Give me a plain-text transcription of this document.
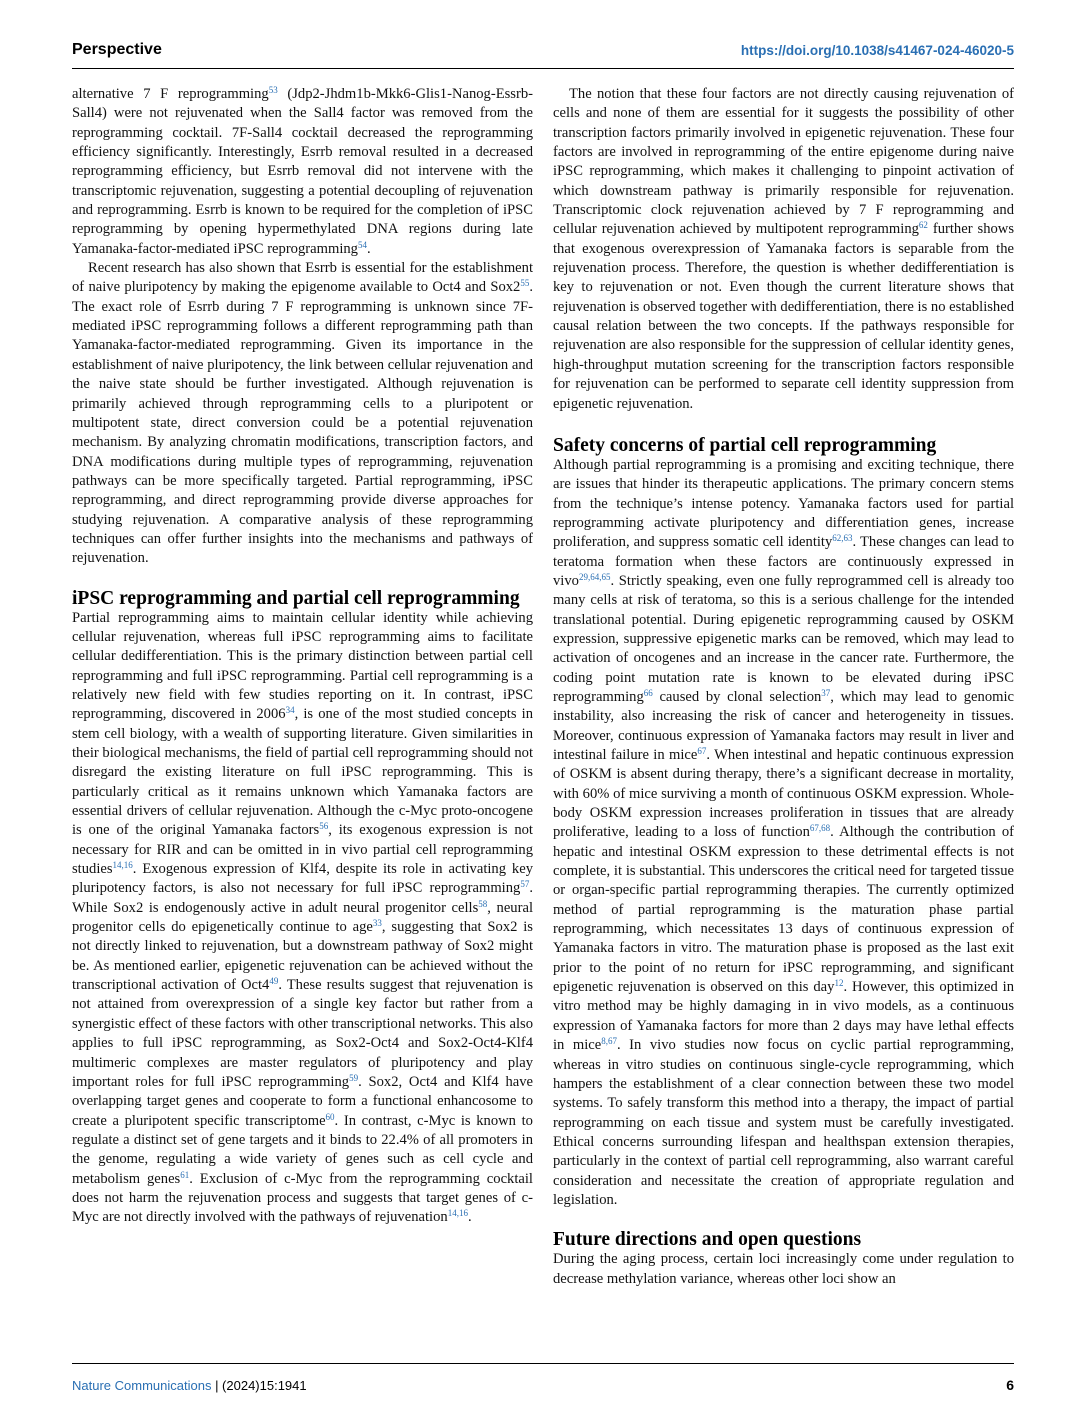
Perspective	https://doi.org/10.1038/s41467-024-46020-5

alternative 7 F reprogramming$^{53}$ (Jdp2-Jhdm1b-Mkk6-Glis1-Nanog-Essrb-Sall4) were not rejuvenated when the Sall4 factor was removed from the reprogramming cocktail. 7F-Sall4 cocktail decreased the reprogramming efficiency significantly. Interestingly, Esrrb removal resulted in a decreased reprogramming efficiency, but Esrrb removal did not intervene with the transcriptomic rejuvenation, suggesting a potential decoupling of rejuvenation and reprogramming. Esrrb is known to be required for the completion of iPSC reprogramming by opening hypermethylated DNA regions during late Yamanaka-factor-mediated iPSC reprogramming$^{54}$.

Recent research has also shown that Esrrb is essential for the establishment of naive pluripotency by making the epigenome available to Oct4 and $Sox2^{55}$. The exact role of Esrrb during 7 F reprogramming is unknown since 7F-mediated iPSC reprogramming follows a different reprogramming path than Yamanaka-factor-mediated reprogramming. Given its importance in the establishment of naive pluripotency, the link between cellular rejuvenation and the naive state should be further investigated. Although rejuvenation is primarily achieved through reprogramming cells to a pluripotent or multipotent state, direct conversion could be a potential rejuvenation mechanism. By analyzing chromatin modifications, transcription factors, and DNA modifications during multiple types of reprogramming, rejuvenation pathways can be more specifically targeted. Partial reprogramming, iPSC reprogramming, and direct reprogramming provide diverse approaches for studying rejuvenation. A comparative analysis of these reprogramming techniques can offer further insights into the mechanisms and pathways of rejuvenation.

iPSC reprogramming and partial cell reprogramming

Partial reprogramming aims to maintain cellular identity while achieving cellular rejuvenation, whereas full iPSC reprogramming aims to facilitate cellular dedifferentiation. This is the primary distinction between partial cell reprogramming and full iPSC reprogramming. Partial cell reprogramming is a relatively new field with few studies reporting on it. In contrast, iPSC reprogramming, discovered in 2006$^{34}$, is one of the most studied concepts in stem cell biology, with a wealth of supporting literature. Given similarities in their biological mechanisms, the field of partial cell reprogramming should not disregard the existing literature on full iPSC reprogramming. This is particularly critical as it remains unknown which Yamanaka factors are essential drivers of cellular rejuvenation. Although the c-Myc proto-oncogene is one of the original Yamanaka factors$^{56}$, its exogenous expression is not necessary for RIR and can be omitted in in vivo partial cell reprogramming studies$^{14,16}$. Exogenous expression of Klf4, despite its role in activating key pluripotency factors, is also not necessary for full iPSC reprogramming$^{57}$. While Sox2 is endogenously active in adult neural progenitor cells$^{58}$, neural progenitor cells do epigenetically continue to age$^{33}$, suggesting that Sox2 is not directly linked to rejuvenation, but a downstream pathway of Sox2 might be. As mentioned earlier, epigenetic rejuvenation can be achieved without the transcriptional activation of $Oct4^{49}$. These results suggest that rejuvenation is not attained from overexpression of a single key factor but rather from a synergistic effect of these factors with other transcriptional networks. This also applies to full iPSC reprogramming, as Sox2-Oct4 and Sox2-Oct4-Klf4 multimeric complexes are master regulators of pluripotency and play important roles for full iPSC reprogramming$^{59}$. Sox2, Oct4 and Klf4 have overlapping target genes and cooperate to form a functional enhancosome to create a pluripotent specific transcriptome$^{60}$. In contrast, c-Myc is known to regulate a distinct set of gene targets and it binds to 22.4% of all promoters in the genome, regulating a wide variety of genes such as cell cycle and metabolism genes$^{61}$. Exclusion of c-Myc from the reprogramming cocktail does not harm the rejuvenation process and suggests that target genes of c-Myc are not directly involved with the pathways of rejuvenation$^{14,16}$.

The notion that these four factors are not directly causing rejuvenation of cells and none of them are essential for it suggests the possibility of other transcription factors primarily involved in epigenetic rejuvenation. These four factors are involved in reprogramming of the entire epigenome during naive iPSC reprogramming, which makes it challenging to pinpoint activation of which downstream pathway is primarily responsible for rejuvenation. Transcriptomic clock rejuvenation achieved by 7 F reprogramming and cellular rejuvenation achieved by multipotent reprogramming$^{62}$ further shows that exogenous overexpression of Yamanaka factors is separable from the rejuvenation process. Therefore, the question is whether dedifferentiation is key to rejuvenation or not. Even though the current literature shows that rejuvenation is observed together with dedifferentiation, there is no established causal relation between the two concepts. If the pathways responsible for rejuvenation are also responsible for the suppression of cellular identity genes, high-throughput mutation screening for the transcription factors responsible for rejuvenation can be performed to separate cell identity suppression from epigenetic rejuvenation.

Safety concerns of partial cell reprogramming

Although partial reprogramming is a promising and exciting technique, there are issues that hinder its therapeutic applications. The primary concern stems from the technique’s intense potency. Yamanaka factors used for partial reprogramming activate pluripotency and differentiation genes, increase proliferation, and suppress somatic cell identity$^{62,63}$. These changes can lead to teratoma formation when these factors are continuously expressed in vivo$^{29,64,65}$. Strictly speaking, even one fully reprogrammed cell is already too many cells at risk of teratoma, so this is a serious challenge for the intended translational potential. During epigenetic reprogramming caused by OSKM expression, suppressive epigenetic marks can be removed, which may lead to activation of oncogenes and an increase in the cancer rate. Furthermore, the coding point mutation rate is known to be elevated during iPSC reprogramming$^{66}$ caused by clonal selection$^{37}$, which may lead to genomic instability, also increasing the risk of cancer and heterogeneity in tissues. Moreover, continuous expression of Yamanaka factors may result in liver and intestinal failure in mice$^{67}$. When intestinal and hepatic continuous expression of OSKM is absent during therapy, there’s a significant decrease in mortality, with 60% of mice surviving a month of continuous OSKM expression. Whole-body OSKM expression increases proliferation in tissues that are already proliferative, leading to a loss of function$^{67,68}$. Although the contribution of hepatic and intestinal OSKM expression to these detrimental effects is not complete, it is substantial. This underscores the critical need for targeted tissue or organ-specific partial reprogramming therapies. The currently optimized method of partial reprogramming is the maturation phase partial reprogramming, which necessitates 13 days of continuous expression of Yamanaka factors in vitro. The maturation phase is proposed as the last exit prior to the point of no return for iPSC reprogramming, and significant epigenetic rejuvenation is observed on this day$^{12}$. However, this optimized in vitro method may be highly damaging in in vivo models, as a continuous expression of Yamanaka factors for more than 2 days may have lethal effects in mice$^{8,67}$. In vivo studies now focus on cyclic partial reprogramming, whereas in vitro studies on continuous single-cycle reprogramming, which hampers the establishment of a clear connection between these two model systems. To safely transform this method into a therapy, the impact of partial reprogramming on each tissue and system must be carefully investigated. Ethical concerns surrounding lifespan and healthspan extension therapies, particularly in the context of partial cell reprogramming, also warrant careful consideration and necessitate the creation of appropriate regulation and legislation.

Future directions and open questions

During the aging process, certain loci increasingly come under regulation to decrease methylation variance, whereas other loci show an

Nature Communications | (2024)15:1941	6
